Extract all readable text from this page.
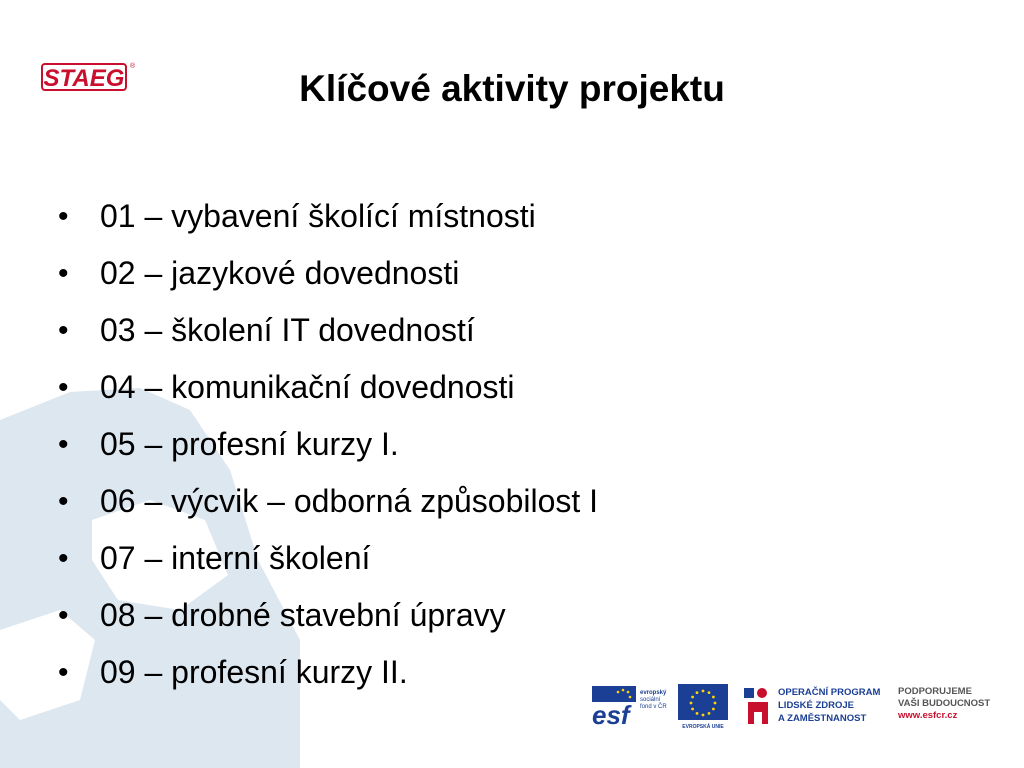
STAEG ®
Klíčové aktivity projektu
• 01 – vybavení školící místnosti
• 02 – jazykové dovednosti
• 03 – školení IT dovedností
• 04 – komunikační dovednosti
• 05 – profesní kurzy I.
• 06 – výcvik – odborná způsobilost I
• 07 – interní školení
• 08 – drobné stavební úpravy
• 09 – profesní kurzy II.
esf
evropský
sociální
fond v ČR
EVROPSKÁ UNIE
OPERAČNÍ PROGRAM
LIDSKÉ ZDROJE
A ZAMĚSTNANOST
PODPORUJEME
VAŠI BUDOUCNOST
www.esfcr.cz
